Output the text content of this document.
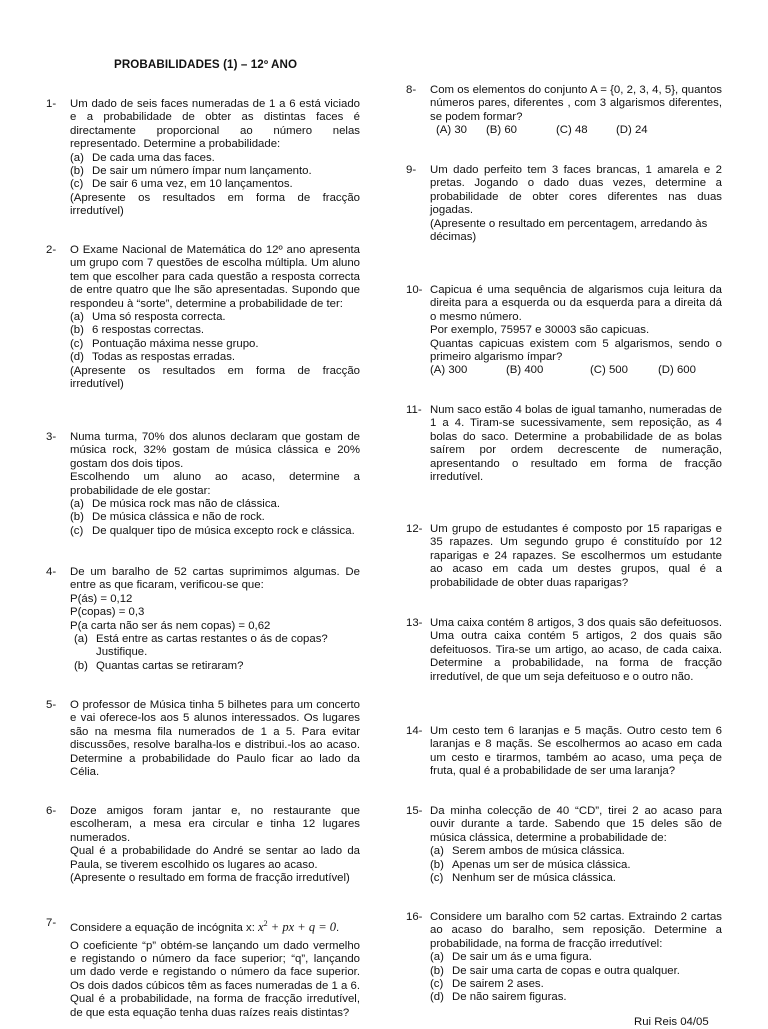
PROBABILIDADES (1) – 12º ANO
1- Um dado de seis faces numeradas de 1 a 6 está viciado e a probabilidade de obter as distintas faces é directamente proporcional ao número nelas representado. Determine a probabilidade:
(a) De cada uma das faces.
(b) De sair um número ímpar num lançamento.
(c) De sair 6 uma vez, em 10 lançamentos.
(Apresente os resultados em forma de fracção irredutível)
2- O Exame Nacional de Matemática do 12º ano apresenta um grupo com 7 questões de escolha múltipla. Um aluno tem que escolher para cada questão a resposta correcta de entre quatro que lhe são apresentadas. Supondo que respondeu à “sorte”, determine a probabilidade de ter:
(a) Uma só resposta correcta.
(b) 6 respostas correctas.
(c) Pontuação máxima nesse grupo.
(d) Todas as respostas erradas.
(Apresente os resultados em forma de fracção irredutível)
3- Numa turma, 70% dos alunos declaram que gostam de música rock, 32% gostam de música clássica e 20% gostam dos dois tipos.
Escolhendo um aluno ao acaso, determine a probabilidade de ele gostar:
(a) De música rock mas não de clássica.
(b) De música clássica e não de rock.
(c) De qualquer tipo de música excepto rock e clássica.
4- De um baralho de 52 cartas suprimimos algumas. De entre as que ficaram, verificou-se que:
P(ás) = 0,12
P(copas) = 0,3
P(a carta não ser ás nem copas) = 0,62
(a) Está entre as cartas restantes o ás de copas? Justifique.
(b) Quantas cartas se retiraram?
5- O professor de Música tinha 5 bilhetes para um concerto e vai oferece-los aos 5 alunos interessados. Os lugares são na mesma fila numerados de 1 a 5. Para evitar discussões, resolve baralha-los e distribui.-los ao acaso. Determine a probabilidade do Paulo ficar ao lado da Célia.
6- Doze amigos foram jantar e, no restaurante que escolheram, a mesa era circular e tinha 12 lugares numerados.
Qual é a probabilidade do André se sentar ao lado da Paula, se tiverem escolhido os lugares ao acaso.
(Apresente o resultado em forma de fracção irredutível)
7- Considere a equação de incógnita x: $x^2$ + px + q = 0.
O coeficiente “p” obtém-se lançando um dado vermelho e registando o número da face superior; “q”, lançando um dado verde e registando o número da face superior. Os dois dados cúbicos têm as faces numeradas de 1 a 6. Qual é a probabilidade, na forma de fracção irredutível, de que esta equação tenha duas raízes reais distintas?
8- Com os elementos do conjunto A = {0, 2, 3, 4, 5}, quantos números pares, diferentes , com 3 algarismos diferentes, se podem formar?
(A) 30	(B) 60	(C) 48	(D) 24
9- Um dado perfeito tem 3 faces brancas, 1 amarela e 2 pretas. Jogando o dado duas vezes, determine a probabilidade de obter cores diferentes nas duas jogadas.
(Apresente o resultado em percentagem, arredando às décimas)
10- Capicua é uma sequência de algarismos cuja leitura da direita para a esquerda ou da esquerda para a direita dá o mesmo número.
Por exemplo, 75957 e 30003 são capicuas.
Quantas capicuas existem com 5 algarismos, sendo o primeiro algarismo ímpar?
(A) 300	(B) 400	(C) 500	(D) 600
11- Num saco estão 4 bolas de igual tamanho, numeradas de 1 a 4. Tiram-se sucessivamente, sem reposição, as 4 bolas do saco. Determine a probabilidade de as bolas saírem por ordem decrescente de numeração, apresentando o resultado em forma de fracção irredutível.
12- Um grupo de estudantes é composto por 15 raparigas e 35 rapazes. Um segundo grupo é constituído por 12 raparigas e 24 rapazes. Se escolhermos um estudante ao acaso em cada um destes grupos, qual é a probabilidade de obter duas raparigas?
13- Uma caixa contém 8 artigos, 3 dos quais são defeituosos. Uma outra caixa contém 5 artigos, 2 dos quais são defeituosos. Tira-se um artigo, ao acaso, de cada caixa. Determine a probabilidade, na forma de fracção irredutível, de que um seja defeituoso e o outro não.
14- Um cesto tem 6 laranjas e 5 maçãs. Outro cesto tem 6 laranjas e 8 maçãs. Se escolhermos ao acaso em cada um cesto e tirarmos, também ao acaso, uma peça de fruta, qual é a probabilidade de ser uma laranja?
15- Da minha colecção de 40 “CD”, tirei 2 ao acaso para ouvir durante a tarde. Sabendo que 15 deles são de música clássica, determine a probabilidade de:
(a) Serem ambos de música clássica.
(b) Apenas um ser de música clássica.
(c) Nenhum ser de música clássica.
16- Considere um baralho com 52 cartas. Extraindo 2 cartas ao acaso do baralho, sem reposição. Determine a probabilidade, na forma de fracção irredutível:
(a) De sair um ás e uma figura.
(b) De sair uma carta de copas e outra qualquer.
(c) De sairem 2 ases.
(d) De não sairem figuras.
Rui Reis 04/05
